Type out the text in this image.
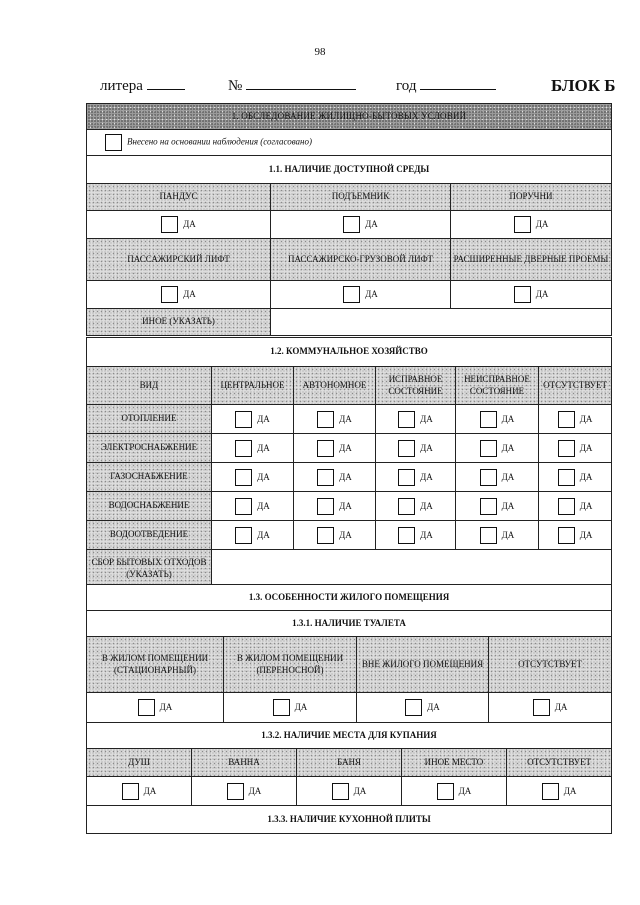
98
литера	№	год	БЛОК Б
1. ОБСЛЕДОВАНИЕ ЖИЛИЩНО-БЫТОВЫХ УСЛОВИЙ		
Внесено на основании наблюдения (согласовано)		
1.1. НАЛИЧИЕ ДОСТУПНОЙ СРЕДЫ		
ПАНДУС	ПОДЪЕМНИК	ПОРУЧНИ
ДА	ДА	ДА
ПАССАЖИРСКИЙ ЛИФТ	ПАССАЖИРСКО-ГРУЗОВОЙ ЛИФТ	РАСШИРЕННЫЕ ДВЕРНЫЕ ПРОЕМЫ
ДА	ДА	ДА
ИНОЕ (УКАЗАТЬ)		
1.2. КОММУНАЛЬНОЕ ХОЗЯЙСТВО					
ВИД	ЦЕНТРАЛЬНОЕ	АВТОНОМНОЕ	ИСПРАВНОЕ СОСТОЯНИЕ	НЕИСПРАВНОЕ СОСТОЯНИЕ	ОТСУТСТВУЕТ
ОТОПЛЕНИЕ	ДА	ДА	ДА	ДА	ДА
ЭЛЕКТРОСНАБЖЕНИЕ	ДА	ДА	ДА	ДА	ДА
ГАЗОСНАБЖЕНИЕ	ДА	ДА	ДА	ДА	ДА
ВОДОСНАБЖЕНИЕ	ДА	ДА	ДА	ДА	ДА
ВОДООТВЕДЕНИЕ	ДА	ДА	ДА	ДА	ДА
СБОР БЫТОВЫХ ОТХОДОВ (УКАЗАТЬ)					
1.3. ОСОБЕННОСТИ ЖИЛОГО ПОМЕЩЕНИЯ			
1.3.1. НАЛИЧИЕ ТУАЛЕТА			
В ЖИЛОМ ПОМЕЩЕНИИ (СТАЦИОНАРНЫЙ)	В ЖИЛОМ ПОМЕЩЕНИИ (ПЕРЕНОСНОЙ)	ВНЕ ЖИЛОГО ПОМЕЩЕНИЯ	ОТСУТСТВУЕТ
ДА	ДА	ДА	ДА
1.3.2. НАЛИЧИЕ МЕСТА ДЛЯ КУПАНИЯ				
ДУШ	ВАННА	БАНЯ	ИНОЕ МЕСТО	ОТСУТСТВУЕТ
ДА	ДА	ДА	ДА	ДА
1.3.3. НАЛИЧИЕ КУХОННОЙ ПЛИТЫ				
